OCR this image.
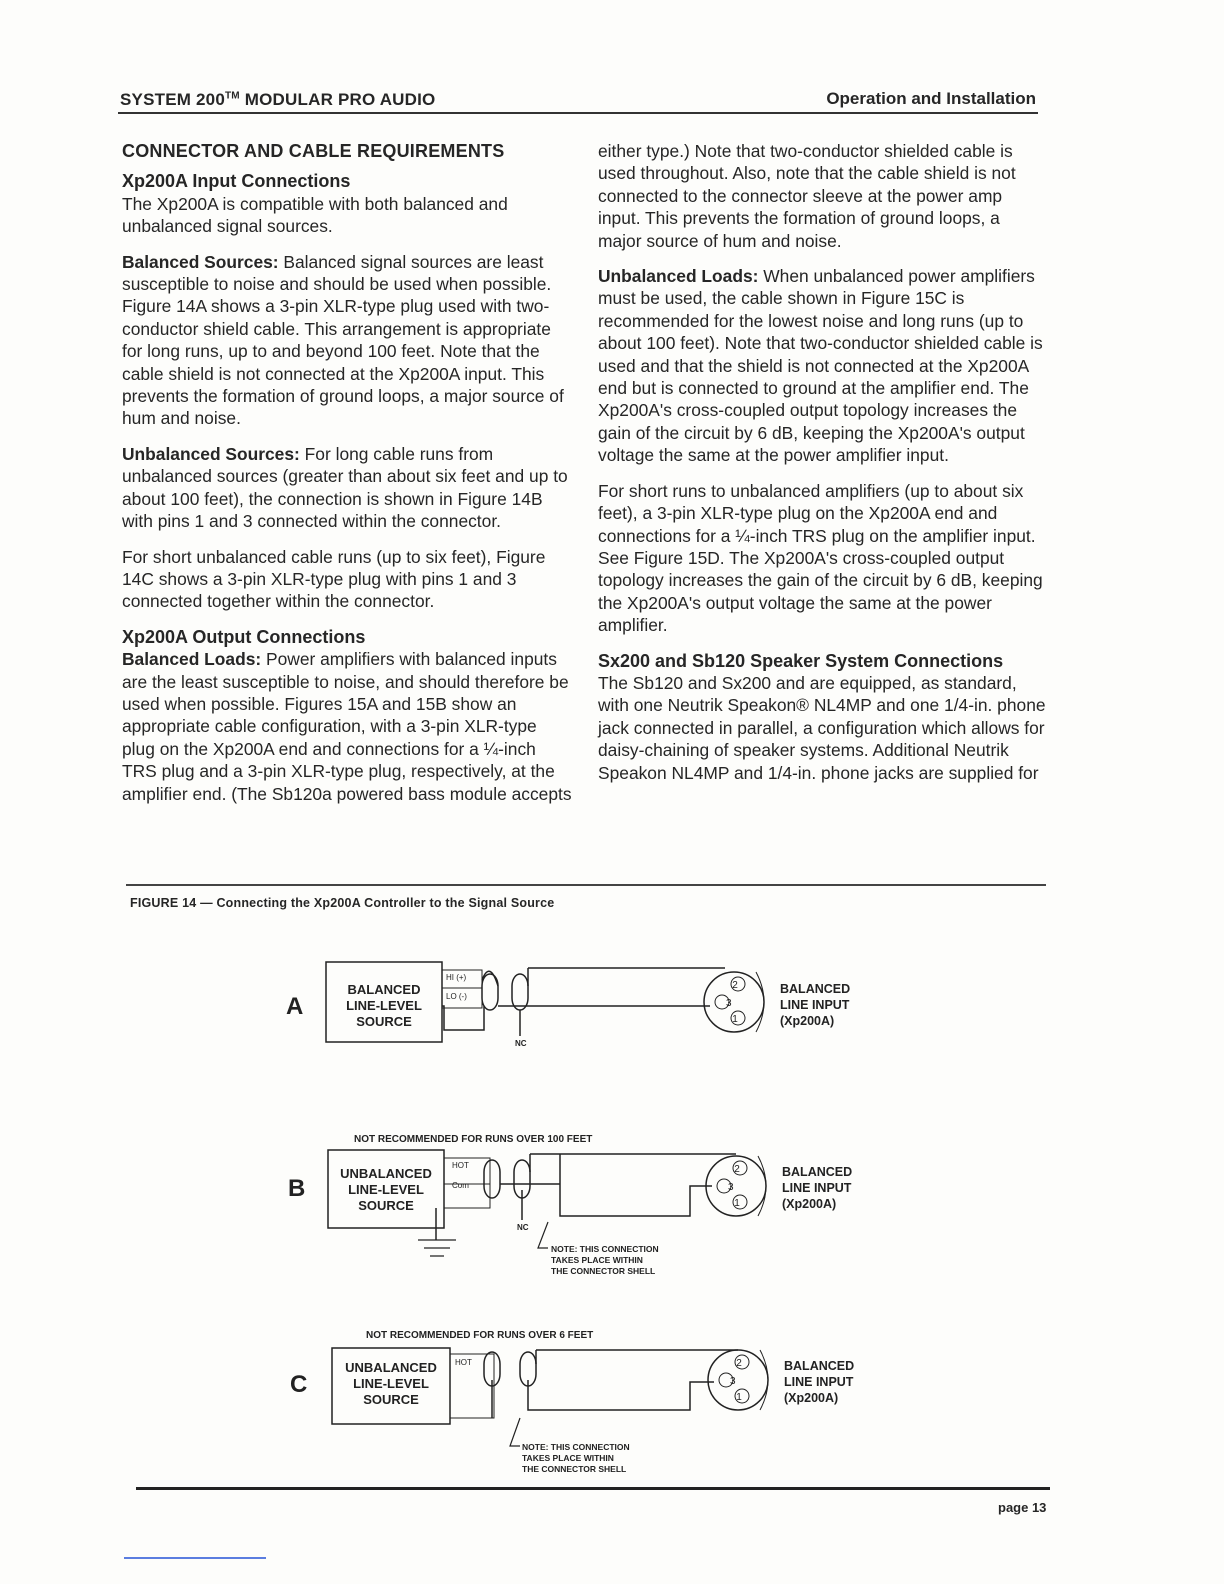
SYSTEM 200™ MODULAR PRO AUDIO	Operation and Installation
CONNECTOR AND CABLE REQUIREMENTS
Xp200A Input Connections

The Xp200A is compatible with both balanced and unbalanced signal sources.

Balanced Sources: Balanced signal sources are least susceptible to noise and should be used when possible. Figure 14A shows a 3-pin XLR-type plug used with two-conductor shield cable. This arrangement is appropriate for long runs, up to and beyond 100 feet. Note that the cable shield is not connected at the Xp200A input. This prevents the formation of ground loops, a major source of hum and noise.

Unbalanced Sources: For long cable runs from unbalanced sources (greater than about six feet and up to about 100 feet), the connection is shown in Figure 14B with pins 1 and 3 connected within the connector.

For short unbalanced cable runs (up to six feet), Figure 14C shows a 3-pin XLR-type plug with pins 1 and 3 connected together within the connector.

Xp200A Output Connections

Balanced Loads: Power amplifiers with balanced inputs are the least susceptible to noise, and should therefore be used when possible. Figures 15A and 15B show an appropriate cable configuration, with a 3-pin XLR-type plug on the Xp200A end and connections for a ¼-inch TRS plug and a 3-pin XLR-type plug, respectively, at the amplifier end. (The Sb120a powered bass module accepts

either type.) Note that two-conductor shielded cable is used throughout. Also, note that the cable shield is not connected to the connector sleeve at the power amp input. This prevents the formation of ground loops, a major source of hum and noise.

Unbalanced Loads: When unbalanced power amplifiers must be used, the cable shown in Figure 15C is recommended for the lowest noise and long runs (up to about 100 feet). Note that two-conductor shielded cable is used and that the shield is not connected at the Xp200A end but is connected to ground at the amplifier end. The Xp200A's cross-coupled output topology increases the gain of the circuit by 6 dB, keeping the Xp200A's output voltage the same at the power amplifier input.

For short runs to unbalanced amplifiers (up to about six feet), a 3-pin XLR-type plug on the Xp200A end and connections for a ¼-inch TRS plug on the amplifier input. See Figure 15D. The Xp200A's cross-coupled output topology increases the gain of the circuit by 6 dB, keeping the Xp200A's output voltage the same at the power amplifier.

Sx200 and Sb120 Speaker System Connections

The Sb120 and Sx200 and are equipped, as standard, with one Neutrik Speakon® NL4MP and one 1/4-in. phone jack connected in parallel, a configuration which allows for daisy-chaining of speaker systems. Additional Neutrik Speakon NL4MP and 1/4-in. phone jacks are supplied for

FIGURE 14 — Connecting the Xp200A Controller to the Signal Source
A
BALANCED
LINE-LEVEL
SOURCE
HI (+)
LO (-)
NC
2
3
1
BALANCED
LINE INPUT
(Xp200A)
NOT RECOMMENDED FOR RUNS OVER 100 FEET
B
UNBALANCED
LINE-LEVEL
SOURCE
HOT
Com
NC
NOTE: THIS CONNECTION
TAKES PLACE WITHIN
THE CONNECTOR SHELL
2
3
1
BALANCED
LINE INPUT
(Xp200A)
NOT RECOMMENDED FOR RUNS OVER 6 FEET
C
UNBALANCED
LINE-LEVEL
SOURCE
HOT
NOTE: THIS CONNECTION
TAKES PLACE WITHIN
THE CONNECTOR SHELL
2
3
1
BALANCED
LINE INPUT
(Xp200A)
page 13
